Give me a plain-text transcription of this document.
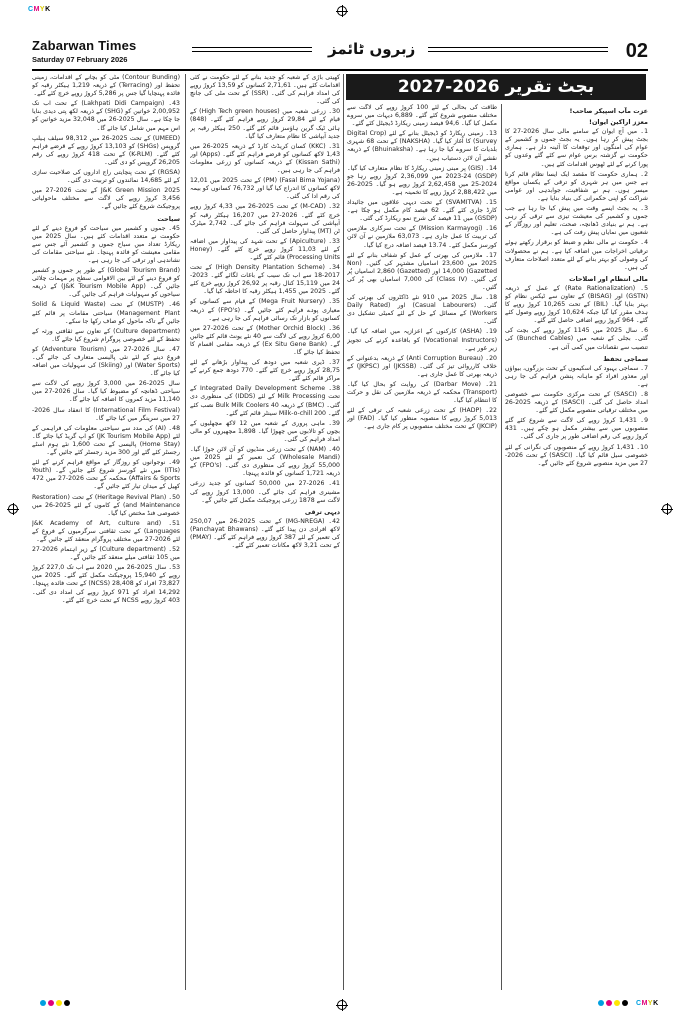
CMYK
CMYK
Zabarwan Times
Saturday 07 February 2026
زبروں ٹائمز	02

(Contour Bunding) مٹی کو بچانے کے اقدامات، زمینی تحفظ اور (Terracing) کے ذریعہ 1,219 ہیکٹر رقبہ کو فائدہ پہنچایا گیا جس پر 5,286 کروڑ روپے خرچ کئے گئے۔

43۔ (Lakhpati Didi Campaign) کے تحت اب تک 2,00,952 خواتین کو (SHG) کے ذریعہ لکھ پتی دیدی بنایا جا چکا ہے۔ سال 2025-26 میں 32,048 مزید خواتین کو اس مہم میں شامل کیا جائے گا۔

(UMEED) کے تحت 2025-26 میں 98,312 سیلف ہیلپ گروپس (SHGs) کو 13,103 کروڑ روپے کے قرضے فراہم کئے گئے۔ (K-RLM) کے تحت 418 کروڑ روپے کی رقم 26,205 گروپس کو دی گئی۔

(RGSA) کے تحت پنچایتی راج اداروں کی صلاحیت سازی کے لئے 14,685 نمائندوں کو تربیت دی گئی۔

J&K Green Mission 2025 کے تحت 2026-27 میں 3,456 کروڑ روپے کی لاگت سے مختلف ماحولیاتی پروجیکٹ شروع کئے جائیں گے۔

سیاحت

45۔ جموں و کشمیر میں سیاحت کو فروغ دینے کے لئے حکومت نے متعدد اقدامات کئے ہیں۔ سال 2025 میں ریکارڈ تعداد میں سیاح جموں و کشمیر آئے جس سے مقامی معیشت کو فائدہ پہنچا۔ نئے سیاحتی مقامات کی نشاندہی اور ترقی کی جا رہی ہے۔

(Global Tourism Brand) کے طور پر جموں و کشمیر کو فروغ دینے کے لئے بین الاقوامی سطح پر مہمات چلائی جائیں گی۔ (J&K Tourism Mobile App) کے ذریعہ سیاحوں کو سہولیات فراہم کی جائیں گی۔

46۔ (MUSTP) کے تحت (Solid & Liquid Waste Management Plant) سیاحتی مقامات پر قائم کئے جائیں گے تاکہ ماحول کو صاف رکھا جا سکے۔

(Culture department) کے تعاون سے ثقافتی ورثہ کے تحفظ کے لئے خصوصی پروگرام شروع کیا جائے گا۔

47۔ سال 2026-27 میں (Adventure Tourism) کو فروغ دینے کے لئے نئی پالیسی متعارف کی جائے گی۔ (Water Sports) اور (Skiing) کی سہولیات میں اضافہ کیا جائے گا۔

سال 2025-26 میں 3,000 کروڑ روپے کی لاگت سے سیاحتی ڈھانچہ کو مضبوط کیا گیا۔ سال 2026-27 میں 11,140 مزید کمروں کا اضافہ کیا جائے گا۔

(International Film Festival) کا انعقاد سال 2026-27 میں سرینگر میں کیا جائے گا۔

48۔ (AI) کی مدد سے سیاحتی معلومات کی فراہمی کے لئے (JK Tourism Mobile App) کو اپ گریڈ کیا جائے گا۔ (Home Stay) پالیسی کے تحت 1,600 نئے ہوم اسٹے رجسٹر کئے گئے اور 300 مزید رجسٹر کئے جائیں گے۔

49۔ نوجوانوں کو روزگار کے مواقع فراہم کرنے کے لئے (ITIs) میں نئے کورسز شروع کئے جائیں گے۔ (Youth Affairs & Sports) محکمہ کے تحت 2026-27 میں 472 کھیل کے میدان تیار کئے جائیں گے۔

50۔ (Heritage Revival Plan) کے تحت (Restoration and Maintenance) کے کاموں کے لئے 2025-26 میں خصوصی فنڈ مختص کیا گیا۔

51۔ (J&K Academy of Art, culture and Languages) کے تحت ثقافتی سرگرمیوں کے فروغ کے لئے 2026-27 میں مختلف پروگرام منعقد کئے جائیں گے۔

52۔ (Culture department) کے زیر اہتمام 2026-27 میں 105 ثقافتی میلے منعقد کئے جائیں گے۔

53۔ سال 2025-26 میں 2020 سے اب تک 227,0 کروڑ روپے کے 15,940 پروجیکٹ مکمل کئے گئے۔ 2025 میں 73,827 افراد کو 28,408 (NCSS) کے تحت فائدہ پہنچا۔ 14,292 افراد کو 971 کروڑ روپے کی امداد دی گئی۔ 403 کروڑ روپے NCSS کے تحت خرچ کئے گئے۔

کھیتی باڑی کے شعبہ کو جدید بنانے کے لئے حکومت نے کئی اقدامات کئے ہیں۔ 2,71,61 کسانوں کو 13,59 کروڑ روپے کی امداد فراہم کی گئی۔ (SSR) کے تحت مٹی کی جانچ کی گئی۔

30۔ زرعی شعبہ میں (High Tech green houses) کے قیام کے لئے 29,84 کروڑ روپے فراہم کئے گئے۔ (848) ہائی ٹیک گرین ہاؤسز قائم کئے گئے۔ 250 ہیکٹر رقبہ پر جدید آبپاشی کا نظام متعارف کیا گیا۔

31۔ (KKC) کسان کریڈٹ کارڈ کے ذریعہ 2025-26 میں 1,43 لاکھ کسانوں کو قرضے فراہم کئے گئے۔ (Apps) اور (Kissan Sathi) کے ذریعہ کسانوں کو زرعی معلومات فراہم کی جا رہی ہیں۔

(Fasal Bima Yojana) (PM) کے تحت 2025 میں 12,01 لاکھ کسانوں کا اندراج کیا گیا اور 76,732 کسانوں کو بیمہ کی رقم ادا کی گئی۔

32۔ (M-CAD) کے تحت 2025-26 میں 4,33 کروڑ روپے خرچ کئے گئے۔ 2026-27 میں 16,207 ہیکٹر رقبہ کو آبپاشی کی سہولت فراہم کی جائے گی۔ 2,742 میٹرک ٹن (MT) پیداوار حاصل کی گئی۔

33۔ (Apiculture) کے تحت شہد کی پیداوار میں اضافہ کے لئے 11,03 کروڑ روپے خرچ کئے گئے۔ (Honey Processing Units) قائم کئے گئے۔

34۔ (High Density Plantation Scheme) کے تحت 2017-18 سے اب تک سیب کے باغات لگائے گئے۔ 2023-24 میں 15,119 کنال رقبہ پر 26,92 کروڑ روپے خرچ کئے گئے۔ 2025 میں 1,455 ہیکٹر رقبہ کا احاطہ کیا گیا۔

35۔ (Mega Fruit Nursery) کے قیام سے کسانوں کو معیاری پودے فراہم کئے جائیں گے۔ (FPO's) کے ذریعہ کسانوں کو بازار تک رسائی فراہم کی جا رہی ہے۔

36۔ (Mother Orchid Block) کے تحت 2026-27 میں 6,00 کروڑ روپے کی لاگت سے 40 نئے یونٹ قائم کئے جائیں گے۔ (Ex Situ Gene Bank) کے ذریعہ مقامی اقسام کا تحفظ کیا جائے گا۔

37۔ ڈیری شعبہ میں دودھ کی پیداوار بڑھانے کے لئے 28,75 کروڑ روپے خرچ کئے گئے۔ 770 دودھ جمع کرنے کے مراکز قائم کئے گئے۔

38۔ Integrated Daily Development Scheme کے تحت Milk Processing کے لئے (IDDS) کی منظوری دی گئی۔ (BMC) کے ذریعہ 40 Bulk Milk Coolers نصب کئے گئے۔ 200 Milk-o-chill سینٹر قائم کئے گئے۔

39۔ ماہی پروری کے شعبہ میں 12 لاکھ مچھلیوں کے بچوں کو تالابوں میں چھوڑا گیا۔ 1,898 مچھیروں کو مالی امداد فراہم کی گئی۔

40۔ (NAM) کے تحت زرعی منڈیوں کو آن لائن جوڑا گیا۔ (Wholesale Mandi) کی تعمیر کے لئے 2025 میں 55,000 کروڑ روپے کی منظوری دی گئی۔ (FPO's) کے ذریعہ 1,721 کسانوں کو فائدہ پہنچا۔

41۔ 2026-27 میں 50,000 کسانوں کو جدید زرعی مشینری فراہم کی جائے گی۔ 13,000 کروڑ روپے کی لاگت سے 1878 زرعی پروجیکٹ مکمل کئے جائیں گے۔

دیہی ترقی

42۔ (MG-NREGA) کے تحت 2025-26 میں 250,07 لاکھ افرادی دن پیدا کئے گئے۔ (Panchayat Bhawans) کی تعمیر کے لئے 387 کروڑ روپے فراہم کئے گئے۔ (PMAY) کے تحت 3,21 لاکھ مکانات تعمیر کئے گئے۔

طاقت کی بحالی کے لئے 100 کروڑ روپے کی لاگت سے مختلف منصوبے شروع کئے گئے۔ 6,889 دیہات میں سروے مکمل کیا گیا۔ 94,6 فیصد زمینی ریکارڈ ڈیجیٹل کئے گئے۔

13۔ زمینی ریکارڈ کو ڈیجیٹل بنانے کے لئے (Digital Crop Survey) کا آغاز کیا گیا۔ (NAKSHA) کے تحت 68 شہری بلدیات کا سروے کیا جا رہا ہے۔ (Bhuinaksha) کے ذریعہ نقشے آن لائن دستیاب ہیں۔

14۔ (GIS) پر مبنی زمینی ریکارڈ کا نظام متعارف کیا گیا۔ (GSDP) 2023-24 میں 2,36,099 کروڑ روپے رہا جو 2024-25 میں 2,62,458 کروڑ روپے ہو گیا۔ 2025-26 میں 2,88,422 کروڑ روپے کا تخمینہ ہے۔

15۔ (SVAMITVA) کے تحت دیہی علاقوں میں جائیداد کارڈ جاری کئے گئے۔ 62 فیصد کام مکمل ہو چکا ہے۔ (GSDP) میں 11 فیصد کی شرح نمو ریکارڈ کی گئی۔

16۔ (Mission Karmayogi) کے تحت سرکاری ملازمین کی تربیت کا عمل جاری ہے۔ 63,073 ملازمین نے آن لائن کورسز مکمل کئے۔ 13.74 فیصد اضافہ درج کیا گیا۔

17۔ ملازمین کی بھرتی کے عمل کو شفاف بنانے کے لئے 2025 میں 23,600 اسامیاں مشتہر کی گئیں۔ (Non Gazetted) 14,000 اور (Gazetted) 2,860 اسامیاں پُر کی گئیں۔ (Class IV) کی 7,000 اسامیاں بھی پُر کی گئیں۔

18۔ سال 2025 میں 910 نئے ڈاکٹروں کی بھرتی کی گئی۔ (Casual Labourers) اور (Daily Rated Workers) کے مسائل کے حل کے لئے کمیٹی تشکیل دی گئی۔

19۔ (ASHA) کارکنوں کے اعزازیہ میں اضافہ کیا گیا۔ (Vocational Instructors) کو باقاعدہ کرنے کی تجویز زیر غور ہے۔

20۔ (Anti Corruption Bureau) کے ذریعہ بدعنوانی کے خلاف کارروائی تیز کی گئی۔ (JKSSB) اور (JKPSC) کے ذریعہ بھرتی کا عمل جاری ہے۔

21۔ (Darbar Move) کی روایت کو بحال کیا گیا۔ (Transport) محکمہ کے ذریعہ ملازمین کی نقل و حرکت کا انتظام کیا گیا۔

22۔ (HADP) کے تحت زرعی شعبہ کی ترقی کے لئے 5,013 کروڑ روپے کا منصوبہ منظور کیا گیا۔ (FAD) اور (JKCIP) کے تحت مختلف منصوبوں پر کام جاری ہے۔

عزت مآب اسپیکر صاحب!

معزز اراکین ایوان!

1۔ میں آج ایوان کے سامنے مالی سال 2026-27 کا بجٹ پیش کر رہا ہوں۔ یہ بجٹ جموں و کشمیر کے عوام کی امنگوں اور توقعات کا آئینہ دار ہے۔ ہماری حکومت نے گزشتہ برس عوام سے کئے گئے وعدوں کو پورا کرنے کے لئے ٹھوس اقدامات کئے ہیں۔

2۔ ہماری حکومت کا مقصد ایک ایسا نظام قائم کرنا ہے جس میں ہر شہری کو ترقی کے یکساں مواقع میسر ہوں۔ ہم نے شفافیت، جوابدہی اور عوامی شراکت کو اپنی حکمرانی کی بنیاد بنایا ہے۔

3۔ یہ بجٹ ایسے وقت میں پیش کیا جا رہا ہے جب جموں و کشمیر کی معیشت تیزی سے ترقی کر رہی ہے۔ ہم نے بنیادی ڈھانچہ، صحت، تعلیم اور روزگار کے شعبوں میں نمایاں پیش رفت کی ہے۔

4۔ حکومت نے مالی نظم و ضبط کو برقرار رکھتے ہوئے ترقیاتی اخراجات میں اضافہ کیا ہے۔ ہم نے محصولات کی وصولی کو بہتر بنانے کے لئے متعدد اصلاحات متعارف کی ہیں۔

مالی انتظام اور اصلاحات

5۔ (Rate Rationalization) کے عمل کے ذریعہ (GSTN) اور (BISAG) کے تعاون سے ٹیکس نظام کو بہتر بنایا گیا۔ (BIL) کے تحت 10,265 کروڑ روپے کا ہدف مقرر کیا گیا جبکہ 10,624 کروڑ روپے وصول کئے گئے۔ 964 کروڑ روپے اضافی حاصل کئے گئے۔

6۔ سال 2025 میں 1145 کروڑ روپے کی بچت کی گئی۔ بجلی کے شعبہ میں (Bunched Cables) کی تنصیب سے نقصانات میں کمی آئی ہے۔

سماجی تحفظ

7۔ سماجی بہبود کی اسکیموں کے تحت بزرگوں، بیواؤں اور معذور افراد کو ماہانہ پنشن فراہم کی جا رہی ہے۔

8۔ (SASCI) کے تحت مرکزی حکومت سے خصوصی امداد حاصل کی گئی۔ (SASCI) کے ذریعہ 2025-26 میں مختلف ترقیاتی منصوبے مکمل کئے گئے۔

9۔ 1,431 کروڑ روپے کی لاگت سے شروع کئے گئے منصوبوں میں سے بیشتر مکمل ہو چکے ہیں۔ 431 کروڑ روپے کی رقم اضافی طور پر جاری کی گئی۔

10۔ 1,431 کروڑ روپے کے منصوبوں کی نگرانی کے لئے خصوصی سیل قائم کیا گیا۔ (SASCI) کے تحت 2026-27 میں مزید منصوبے شروع کئے جائیں گے۔

بجٹ تقریر 2026-2027
